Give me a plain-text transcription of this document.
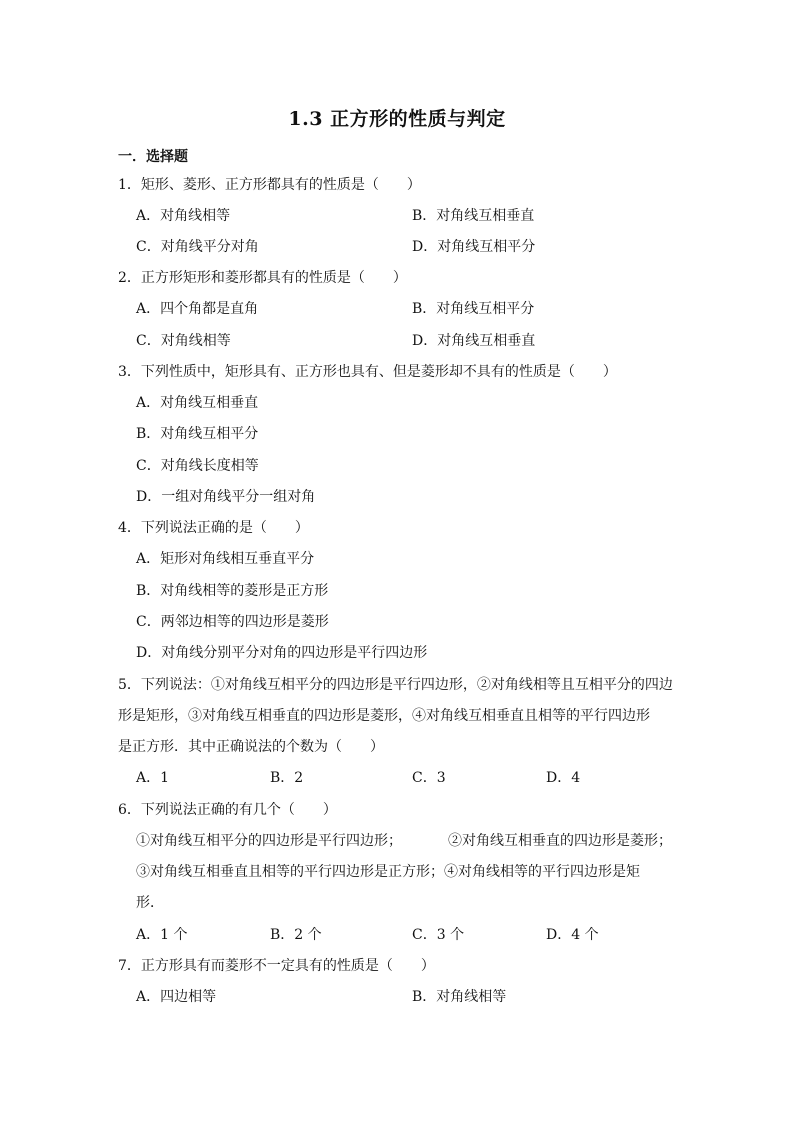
1.3 正方形的性质与判定
一．选择题
1．矩形、菱形、正方形都具有的性质是（　　）
A．对角线相等	B．对角线互相垂直
C．对角线平分对角	D．对角线互相平分
2．正方形矩形和菱形都具有的性质是（　　）
A．四个角都是直角	B．对角线互相平分
C．对角线相等	D．对角线互相垂直
3．下列性质中，矩形具有、正方形也具有、但是菱形却不具有的性质是（　　）
A．对角线互相垂直
B．对角线互相平分
C．对角线长度相等
D．一组对角线平分一组对角
4．下列说法正确的是（　　）
A．矩形对角线相互垂直平分
B．对角线相等的菱形是正方形
C．两邻边相等的四边形是菱形
D．对角线分别平分对角的四边形是平行四边形
5．下列说法：①对角线互相平分的四边形是平行四边形，②对角线相等且互相平分的四边
形是矩形，③对角线互相垂直的四边形是菱形，④对角线互相垂直且相等的平行四边形
是正方形．其中正确说法的个数为（　　）
A．1	B．2	C．3	D．4
6．下列说法正确的有几个（　　）
①对角线互相平分的四边形是平行四边形；	②对角线互相垂直的四边形是菱形；
③对角线互相垂直且相等的平行四边形是正方形；④对角线相等的平行四边形是矩
形．
A．1 个	B．2 个	C．3 个	D．4 个
7．正方形具有而菱形不一定具有的性质是（　　）
A．四边相等	B．对角线相等
